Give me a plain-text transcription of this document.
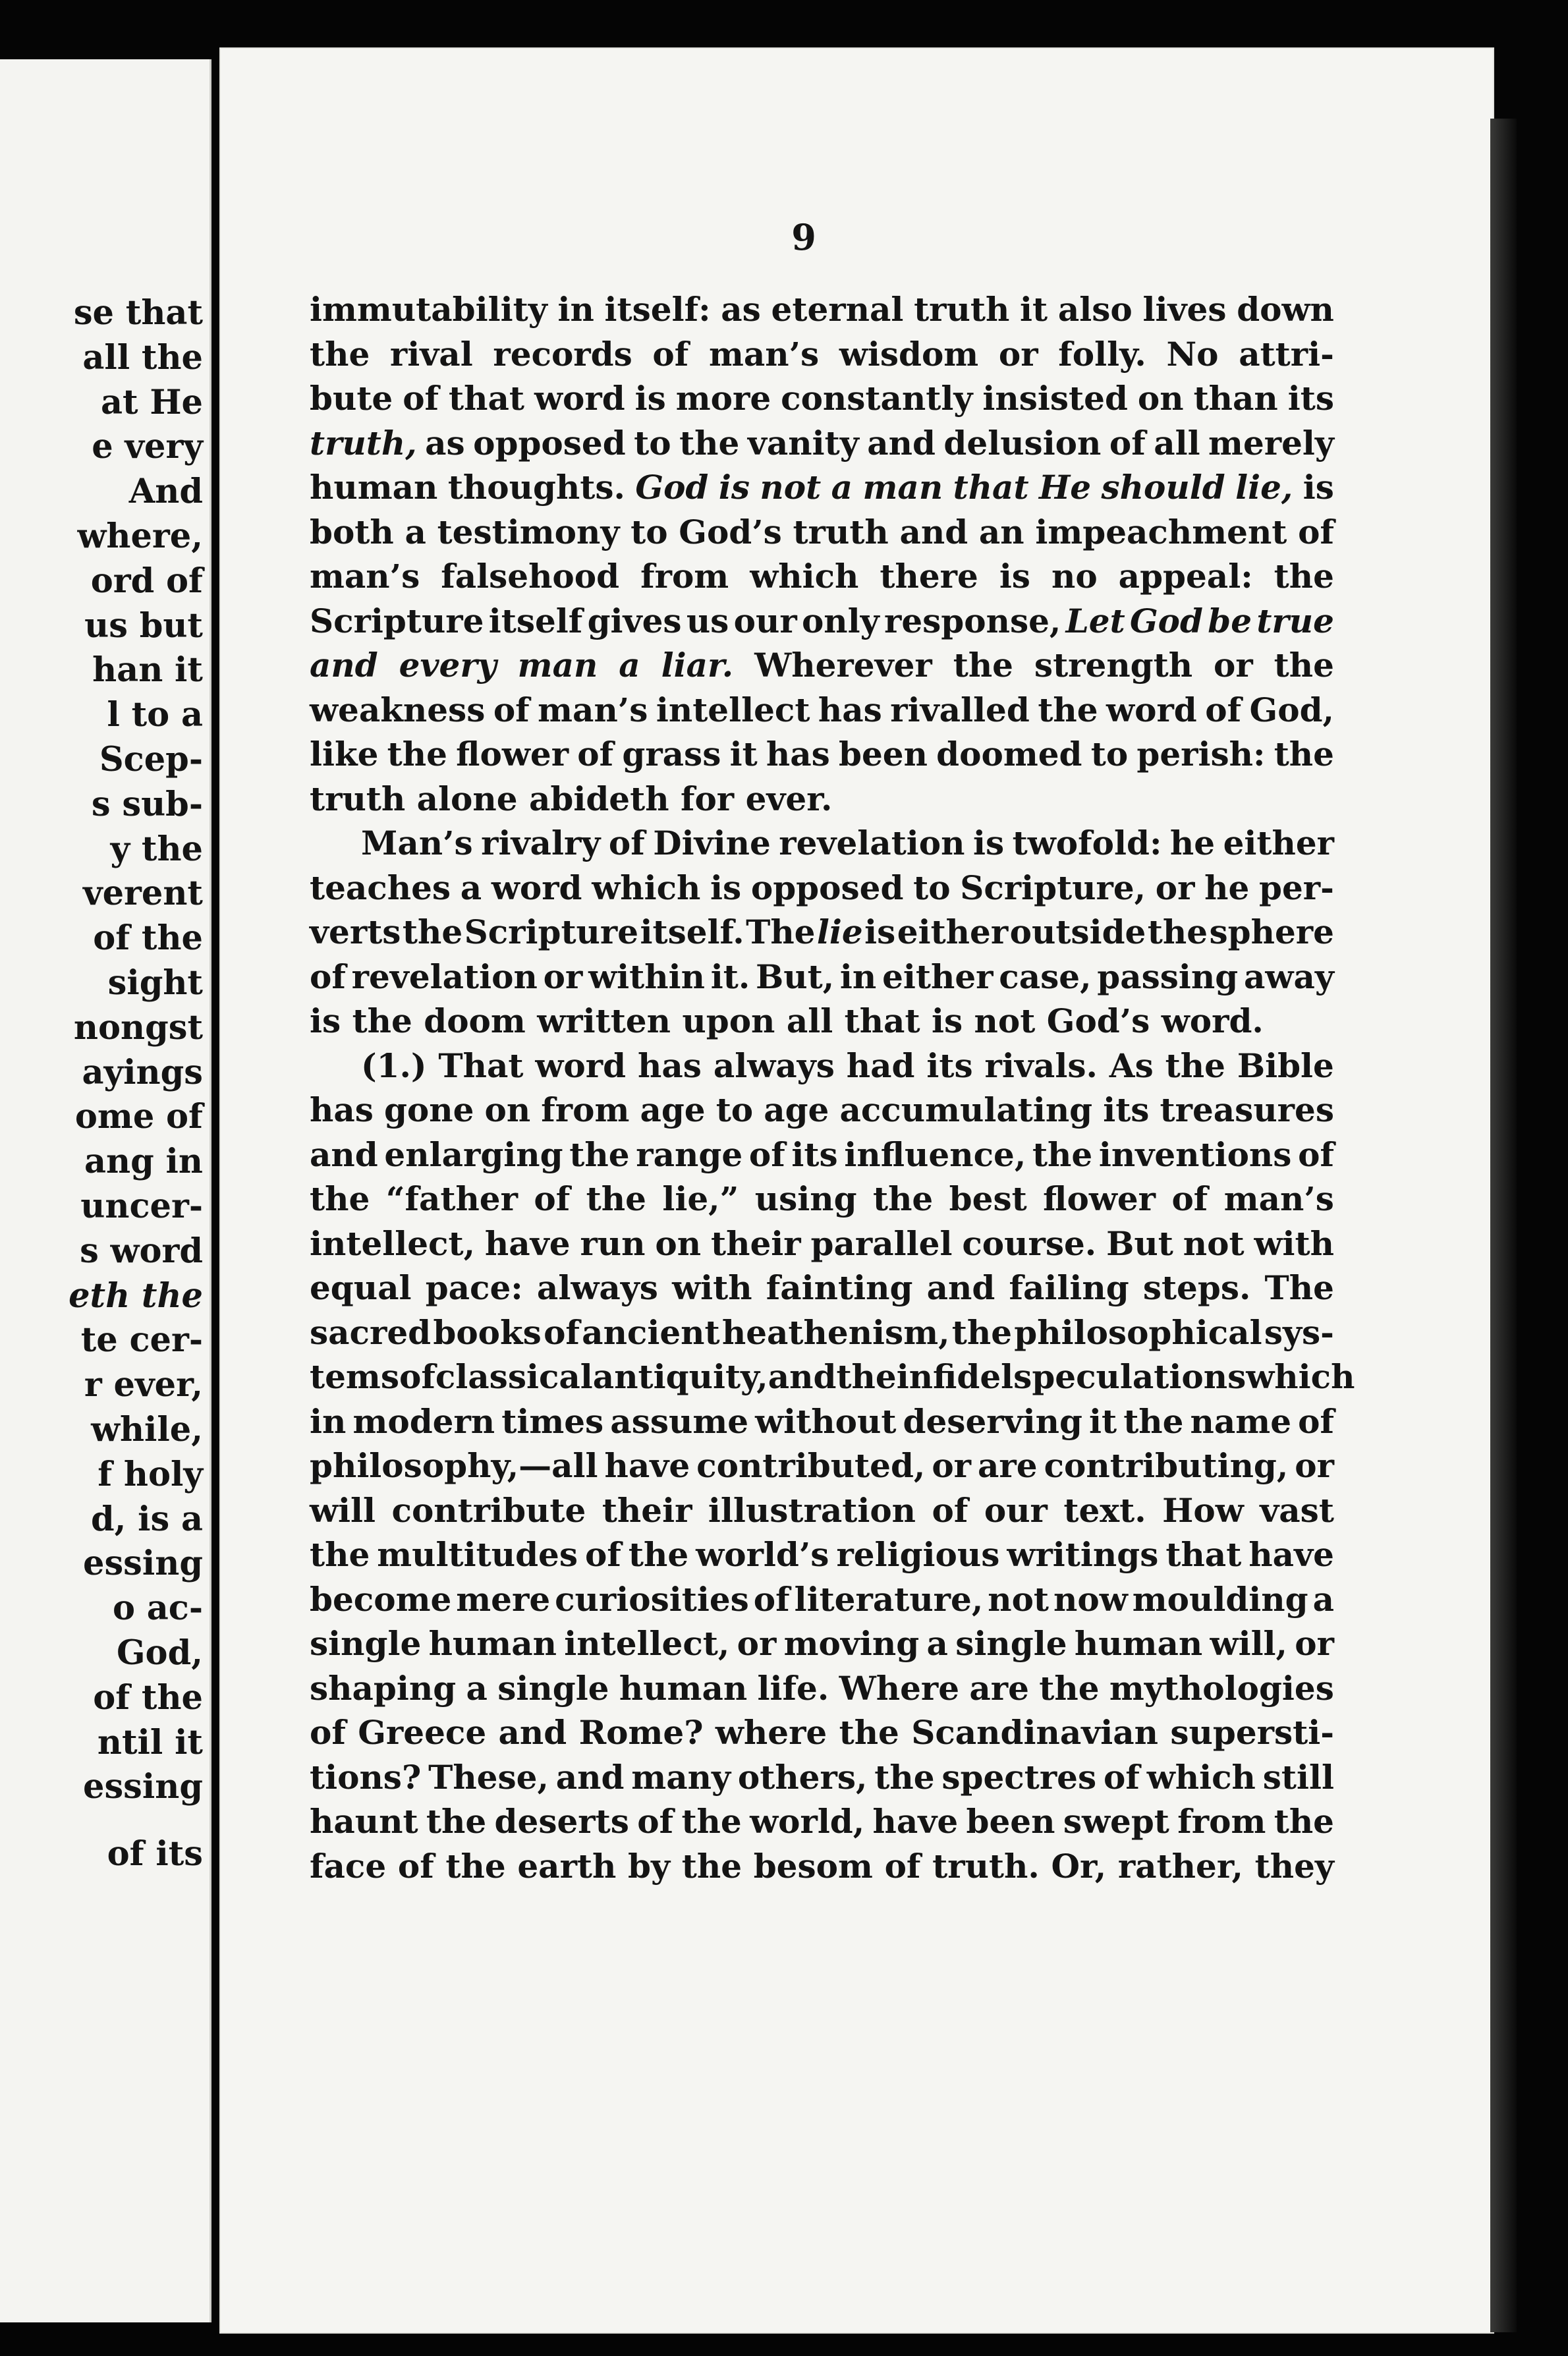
se that
all the
at He
e very
And
where,
ord of
us but
han it
l to a
Scep-
s sub-
y the
verent
of the
sight
nongst
ayings
ome of
ang in
uncer-
s word
eth the
te cer-
r ever,
while,
f holy
d, is a
essing
o ac-
God,
of the
ntil it
essing
of its
9
immutability in itself: as eternal truth it also lives down
the rival records of man’s wisdom or folly. No attri-
bute of that word is more constantly insisted on than its
truth, as opposed to the vanity and delusion of all merely
human thoughts. God is not a man that He should lie, is
both a testimony to God’s truth and an impeachment of
man’s falsehood from which there is no appeal: the
Scripture itself gives us our only response, Let God be true
and every man a liar. Wherever the strength or the
weakness of man’s intellect has rivalled the word of God,
like the flower of grass it has been doomed to perish: the
truth alone abideth for ever.
Man’s rivalry of Divine revelation is twofold: he either
teaches a word which is opposed to Scripture, or he per-
verts the Scripture itself. The lie is either outside the sphere
of revelation or within it. But, in either case, passing away
is the doom written upon all that is not God’s word.
(1.) That word has always had its rivals. As the Bible
has gone on from age to age accumulating its treasures
and enlarging the range of its influence, the inventions of
the “father of the lie,” using the best flower of man’s
intellect, have run on their parallel course. But not with
equal pace: always with fainting and failing steps. The
sacred books of ancient heathenism, the philosophical sys-
tems of classical antiquity, and the infidel speculations which
in modern times assume without deserving it the name of
philosophy,—all have contributed, or are contributing, or
will contribute their illustration of our text. How vast
the multitudes of the world’s religious writings that have
become mere curiosities of literature, not now moulding a
single human intellect, or moving a single human will, or
shaping a single human life. Where are the mythologies
of Greece and Rome? where the Scandinavian supersti-
tions? These, and many others, the spectres of which still
haunt the deserts of the world, have been swept from the
face of the earth by the besom of truth. Or, rather, they
